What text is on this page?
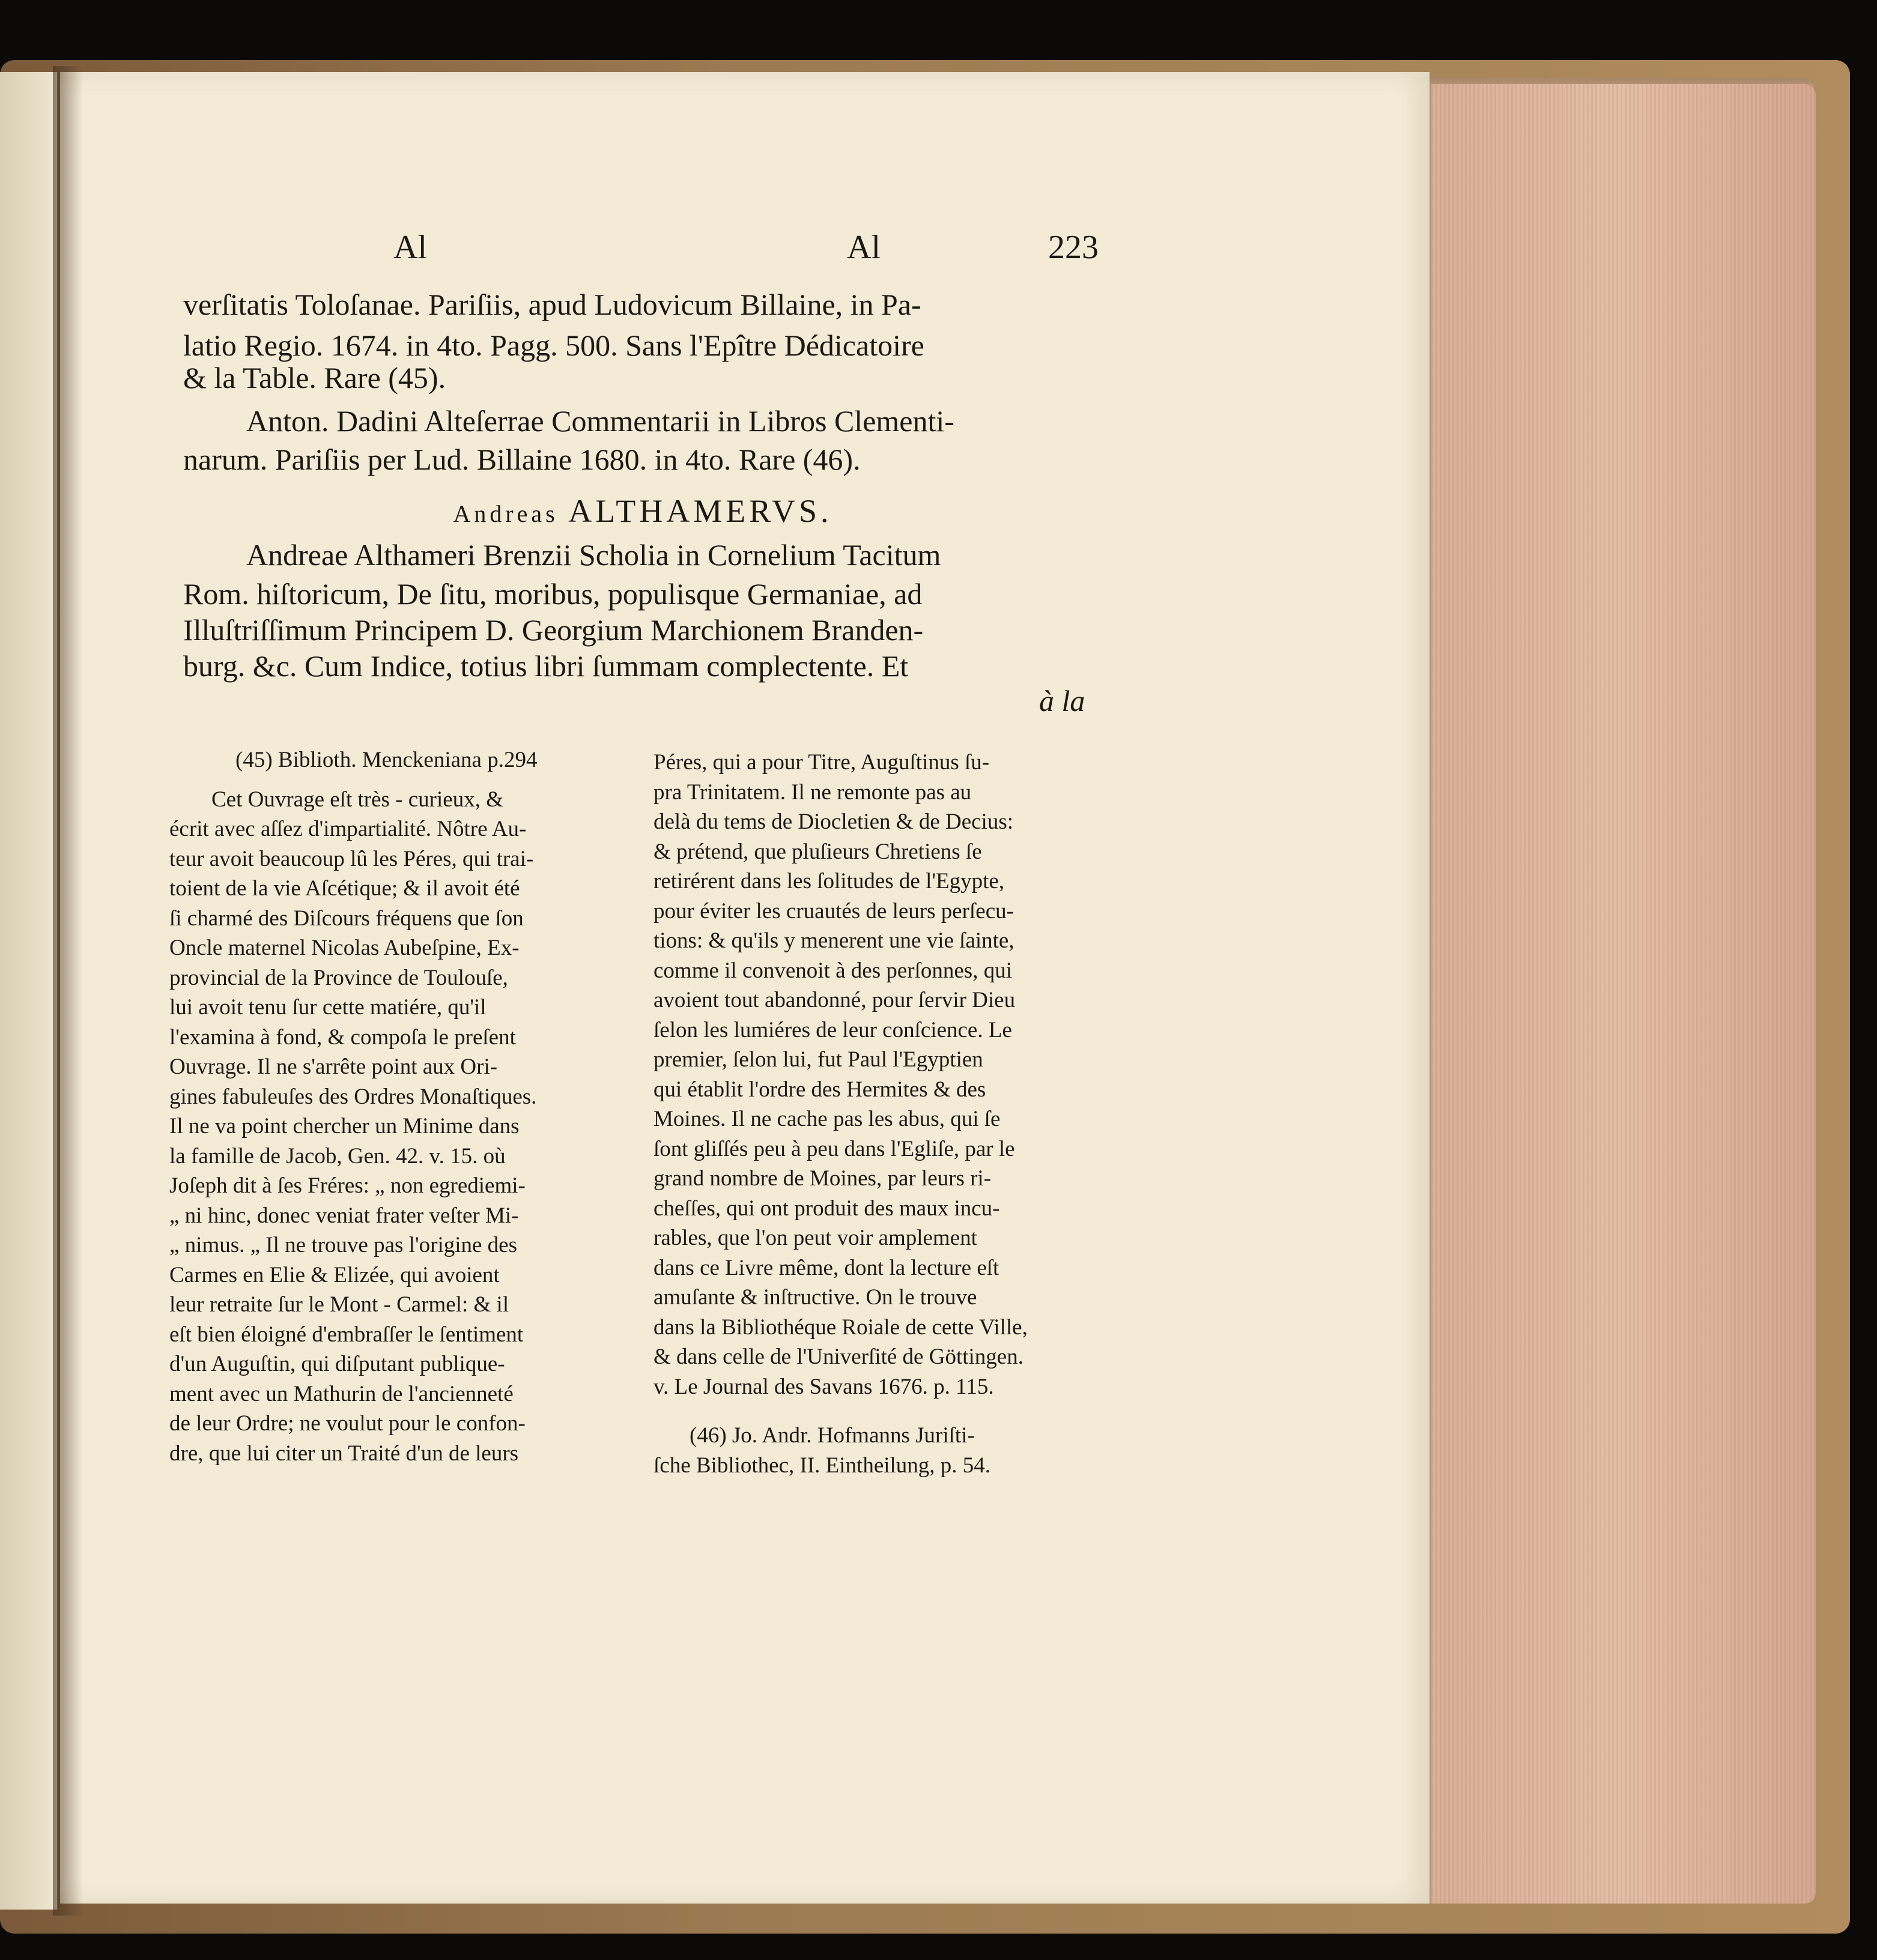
Al	Al	223
verſitatis Toloſanae. Pariſiis, apud Ludovicum Billaine, in Pa-
latio Regio. 1674. in 4to. Pagg. 500. Sans l'Epître Dédicatoire
& la Table. Rare (45).
Anton. Dadini Alteſerrae Commentarii in Libros Clementi-
narum. Pariſiis per Lud. Billaine 1680. in 4to. Rare (46).
Andreas ALTHAMERVS.
Andreae Althameri Brenzii Scholia in Cornelium Tacitum
Rom. hiſtoricum, De ſitu, moribus, populisque Germaniae, ad
Illuſtriſſimum Principem D. Georgium Marchionem Branden-
burg. &c. Cum Indice, totius libri ſummam complectente. Et
à la
(45) Biblioth. Menckeniana p.294
Cet Ouvrage eſt très - curieux, &
écrit avec aſſez d'impartialité. Nôtre Au-
teur avoit beaucoup lû les Péres, qui trai-
toient de la vie Aſcétique; & il avoit été
ſi charmé des Diſcours fréquens que ſon
Oncle maternel Nicolas Aubeſpine, Ex-
provincial de la Province de Toulouſe,
lui avoit tenu ſur cette matiére, qu'il
l'examina à fond, & compoſa le preſent
Ouvrage. Il ne s'arrête point aux Ori-
gines fabuleuſes des Ordres Monaſtiques.
Il ne va point chercher un Minime dans
la famille de Jacob, Gen. 42. v. 15. où
Joſeph dit à ſes Fréres: „ non egrediemi-
„ ni hinc, donec veniat frater veſter Mi-
„ nimus. „ Il ne trouve pas l'origine des
Carmes en Elie & Elizée, qui avoient
leur retraite ſur le Mont - Carmel: & il
eſt bien éloigné d'embraſſer le ſentiment
d'un Auguſtin, qui diſputant publique-
ment avec un Mathurin de l'ancienneté
de leur Ordre; ne voulut pour le confon-
dre, que lui citer un Traité d'un de leurs
Péres, qui a pour Titre, Auguſtinus ſu-
pra Trinitatem. Il ne remonte pas au
delà du tems de Diocletien & de Decius:
& prétend, que pluſieurs Chretiens ſe
retirérent dans les ſolitudes de l'Egypte,
pour éviter les cruautés de leurs perſecu-
tions: & qu'ils y menerent une vie ſainte,
comme il convenoit à des perſonnes, qui
avoient tout abandonné, pour ſervir Dieu
ſelon les lumiéres de leur conſcience. Le
premier, ſelon lui, fut Paul l'Egyptien
qui établit l'ordre des Hermites & des
Moines. Il ne cache pas les abus, qui ſe
ſont gliſſés peu à peu dans l'Egliſe, par le
grand nombre de Moines, par leurs ri-
cheſſes, qui ont produit des maux incu-
rables, que l'on peut voir amplement
dans ce Livre même, dont la lecture eſt
amuſante & inſtructive. On le trouve
dans la Bibliothéque Roiale de cette Ville,
& dans celle de l'Univerſité de Göttingen.
v. Le Journal des Savans 1676. p. 115.
(46) Jo. Andr. Hofmanns Juriſti-
ſche Bibliothec, II. Eintheilung, p. 54.
